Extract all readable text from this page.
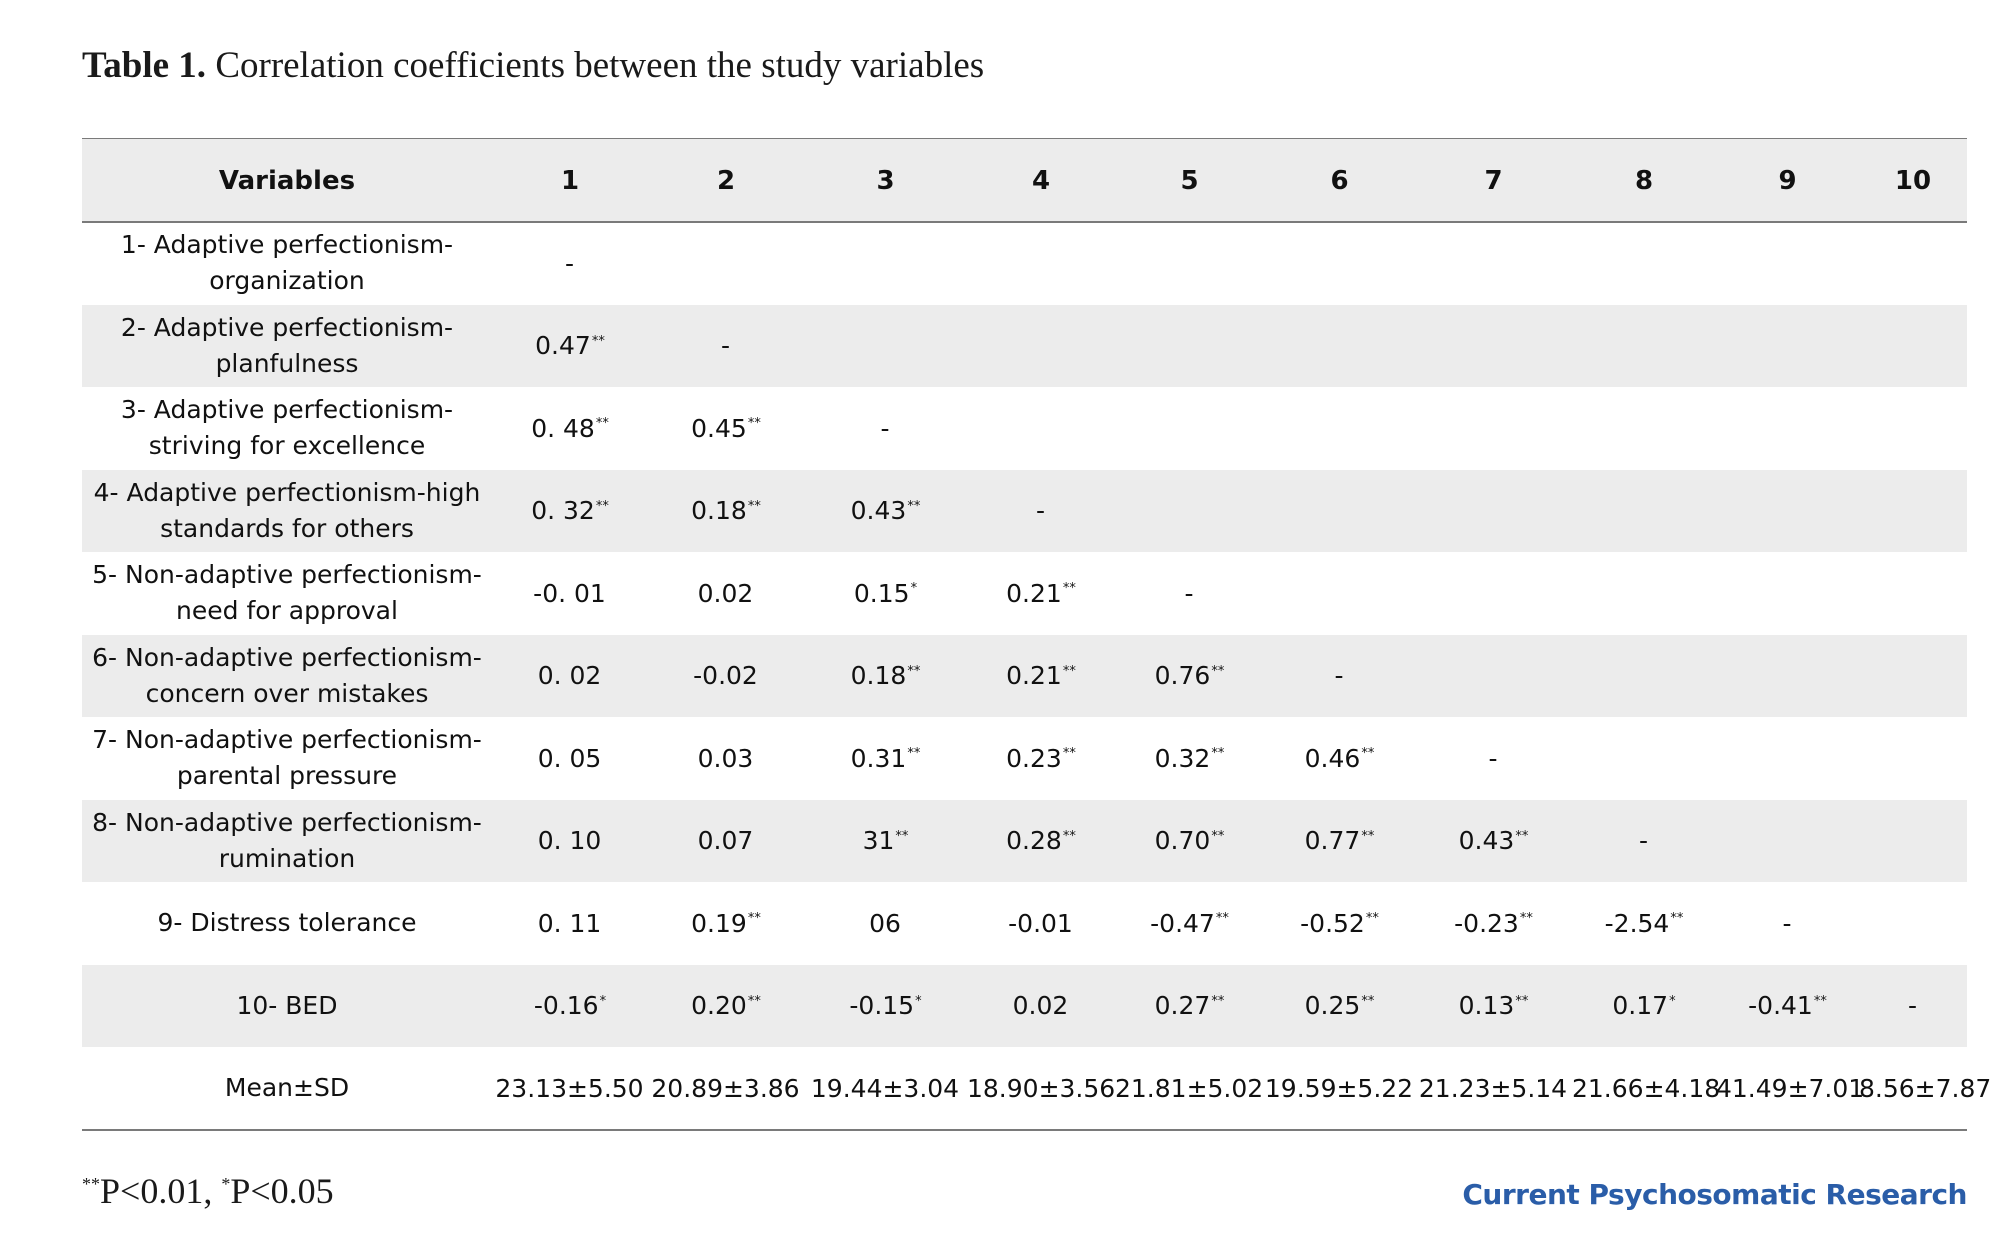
Table 1. Correlation coefficients between the study variables
Variables	1	2	3	4	5	6	7	8	9	10
1- Adaptive perfectionism-organization	-									
2- Adaptive perfectionism-planfulness	0.47**	-								
3- Adaptive perfectionism-striving for excellence	0. 48**	0.45**	-							
4- Adaptive perfectionism-high standards for others	0. 32**	0.18**	0.43**	-						
5- Non-adaptive perfectionism-need for approval	-0. 01	0.02	0.15*	0.21**	-					
6- Non-adaptive perfectionism-concern over mistakes	0. 02	-0.02	0.18**	0.21**	0.76**	-				
7- Non-adaptive perfectionism-parental pressure	0. 05	0.03	0.31**	0.23**	0.32**	0.46**	-			
8- Non-adaptive perfectionism-rumination	0. 10	0.07	31**	0.28**	0.70**	0.77**	0.43**	-		
9- Distress tolerance	0. 11	0.19**	06	-0.01	-0.47**	-0.52**	-0.23**	-2.54**	-	
10- BED	-0.16*	0.20**	-0.15*	0.02	0.27**	0.25**	0.13**	0.17*	-0.41**	-
Mean±SD	23.13±5.50	20.89±3.86	19.44±3.04	18.90±3.56	21.81±5.02	19.59±5.22	21.23±5.14	21.66±4.18	41.49±7.01	8.56±7.87
**P<0.01, *P<0.05	Current Psychosomatic Research
